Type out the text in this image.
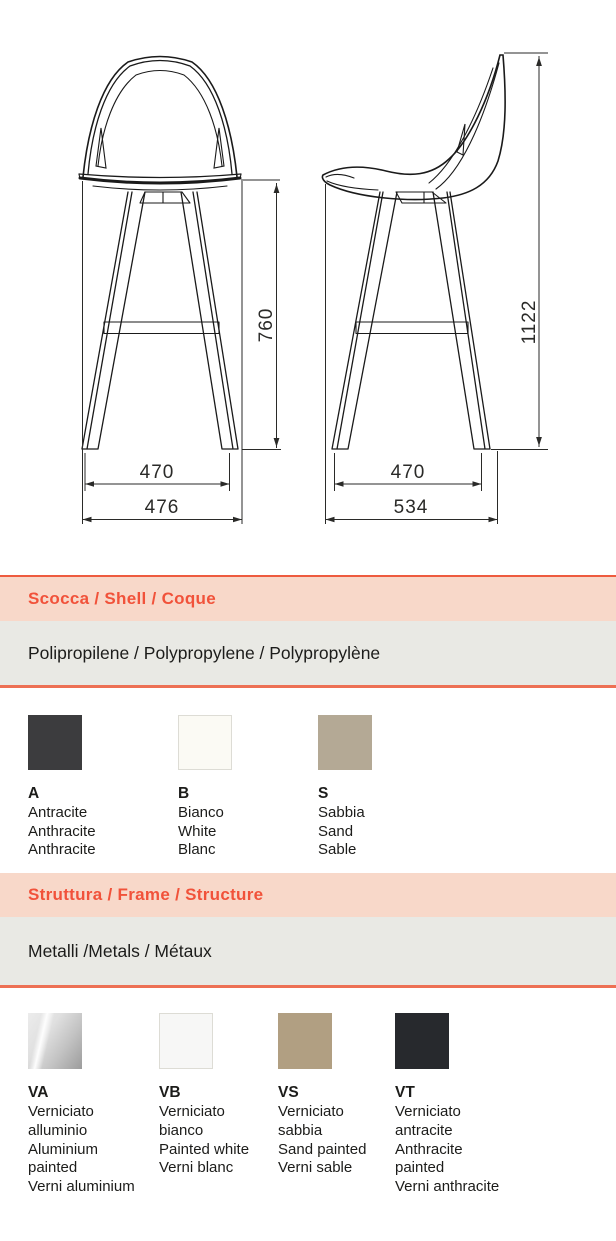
760
470
476
1122
470
534
Scocca / Shell / Coque
Polipropilene / Polypropylene / Polypropylène
A
Antracite
Anthracite
Anthracite
B
Bianco
White
Blanc
S
Sabbia
Sand
Sable
Struttura / Frame / Structure
Metalli /Metals / Métaux
VA
Verniciato alluminio
Aluminium painted
Verni aluminium
VB
Verniciato bianco
Painted white
Verni blanc
VS
Verniciato sabbia
Sand painted
Verni sable
VT
Verniciato antracite
Anthracite painted
Verni anthracite
